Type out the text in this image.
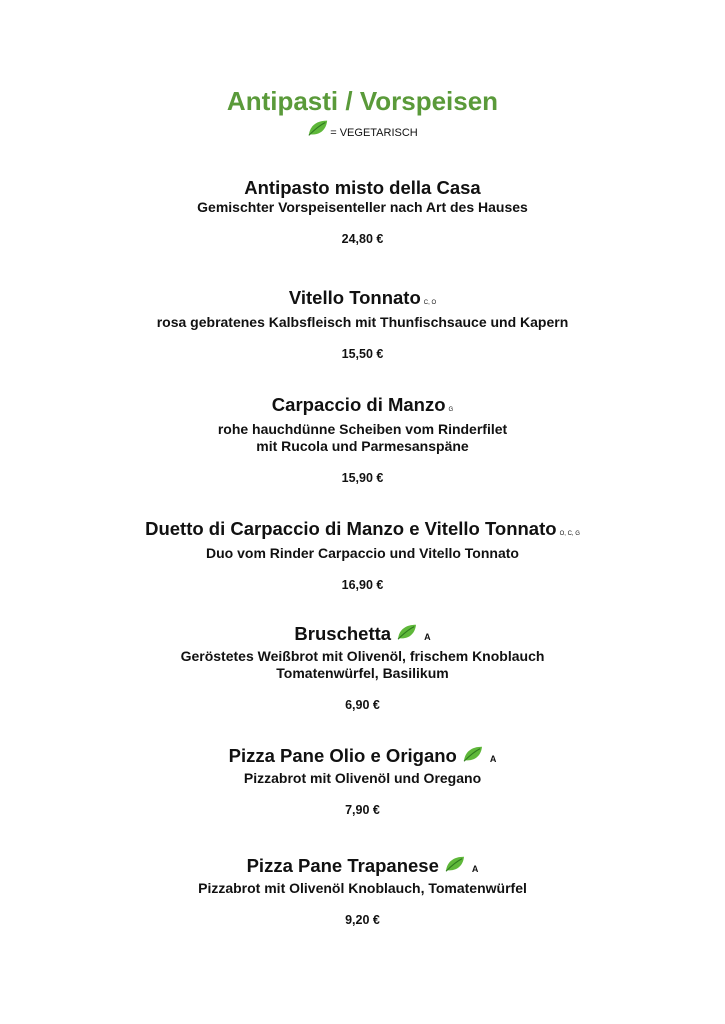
Antipasti / Vorspeisen
= VEGETARISCH
Antipasto misto della Casa
Gemischter Vorspeisenteller nach Art des Hauses
24,80 €
Vitello Tonnato C, O
rosa gebratenes Kalbsfleisch mit Thunfischsauce und Kapern
15,50 €
Carpaccio di Manzo G
rohe hauchdünne Scheiben vom Rinderfilet
mit Rucola und Parmesanspäne
15,90 €
Duetto di Carpaccio di Manzo e Vitello Tonnato O, C, G
Duo vom Rinder Carpaccio und Vitello Tonnato
16,90 €
Bruschetta	A
Geröstetes Weißbrot mit Olivenöl, frischem Knoblauch
Tomatenwürfel, Basilikum
6,90 €
Pizza Pane Olio e Origano	A
Pizzabrot mit Olivenöl und Oregano
7,90 €
Pizza Pane Trapanese	A
Pizzabrot mit Olivenöl Knoblauch, Tomatenwürfel
9,20 €
